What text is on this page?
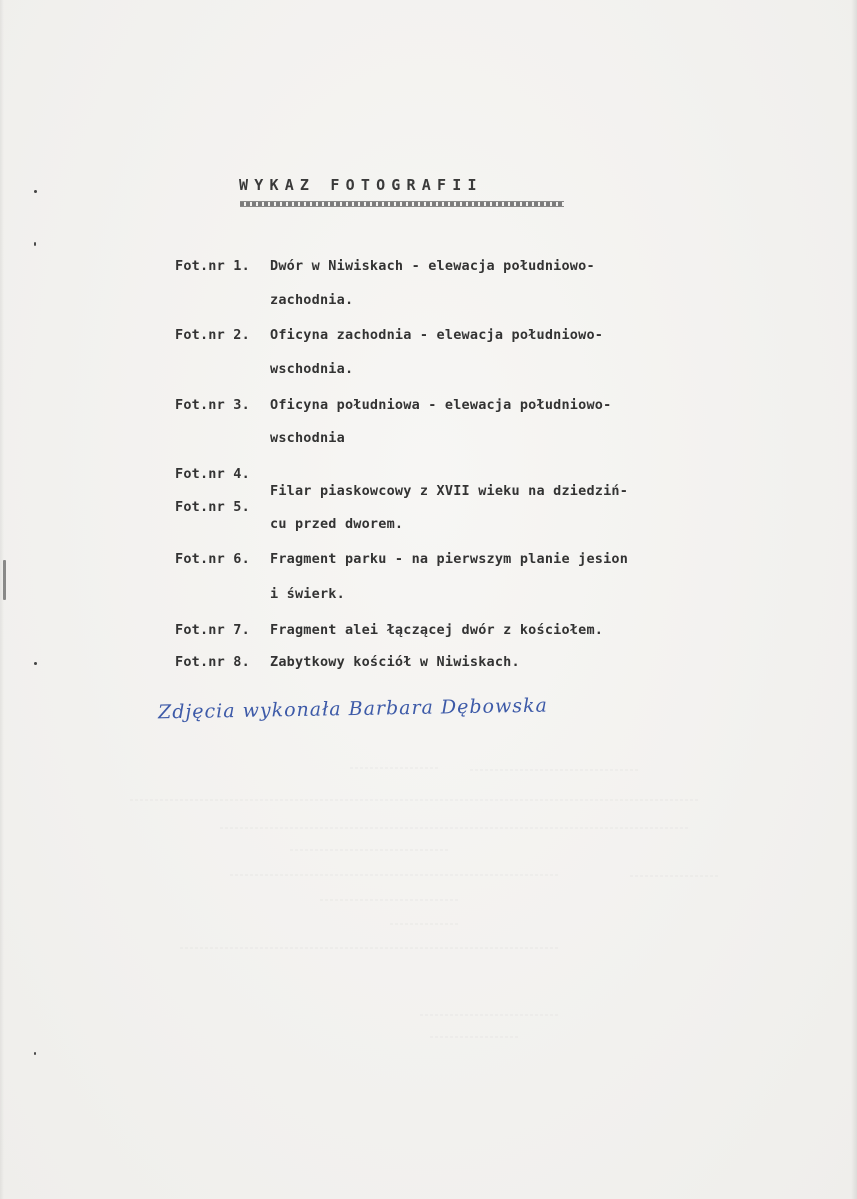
WYKAZ FOTOGRAFII
Fot.nr 1. Dwór w Niwiskach - elewacja południowo-
zachodnia.
Fot.nr 2. Oficyna zachodnia - elewacja południowo-
wschodnia.
Fot.nr 3. Oficyna południowa - elewacja południowo-
wschodnia
Fot.nr 4.
Filar piaskowcowy z XVII wieku na dziedziń-
Fot.nr 5.
cu przed dworem.
Fot.nr 6. Fragment parku - na pierwszym planie jesion
i świerk.
Fot.nr 7. Fragment alei łączącej dwór z kościołem.
Fot.nr 8. Zabytkowy kościół w Niwiskach.
Zdjęcia wykonała Barbara Dębowska
